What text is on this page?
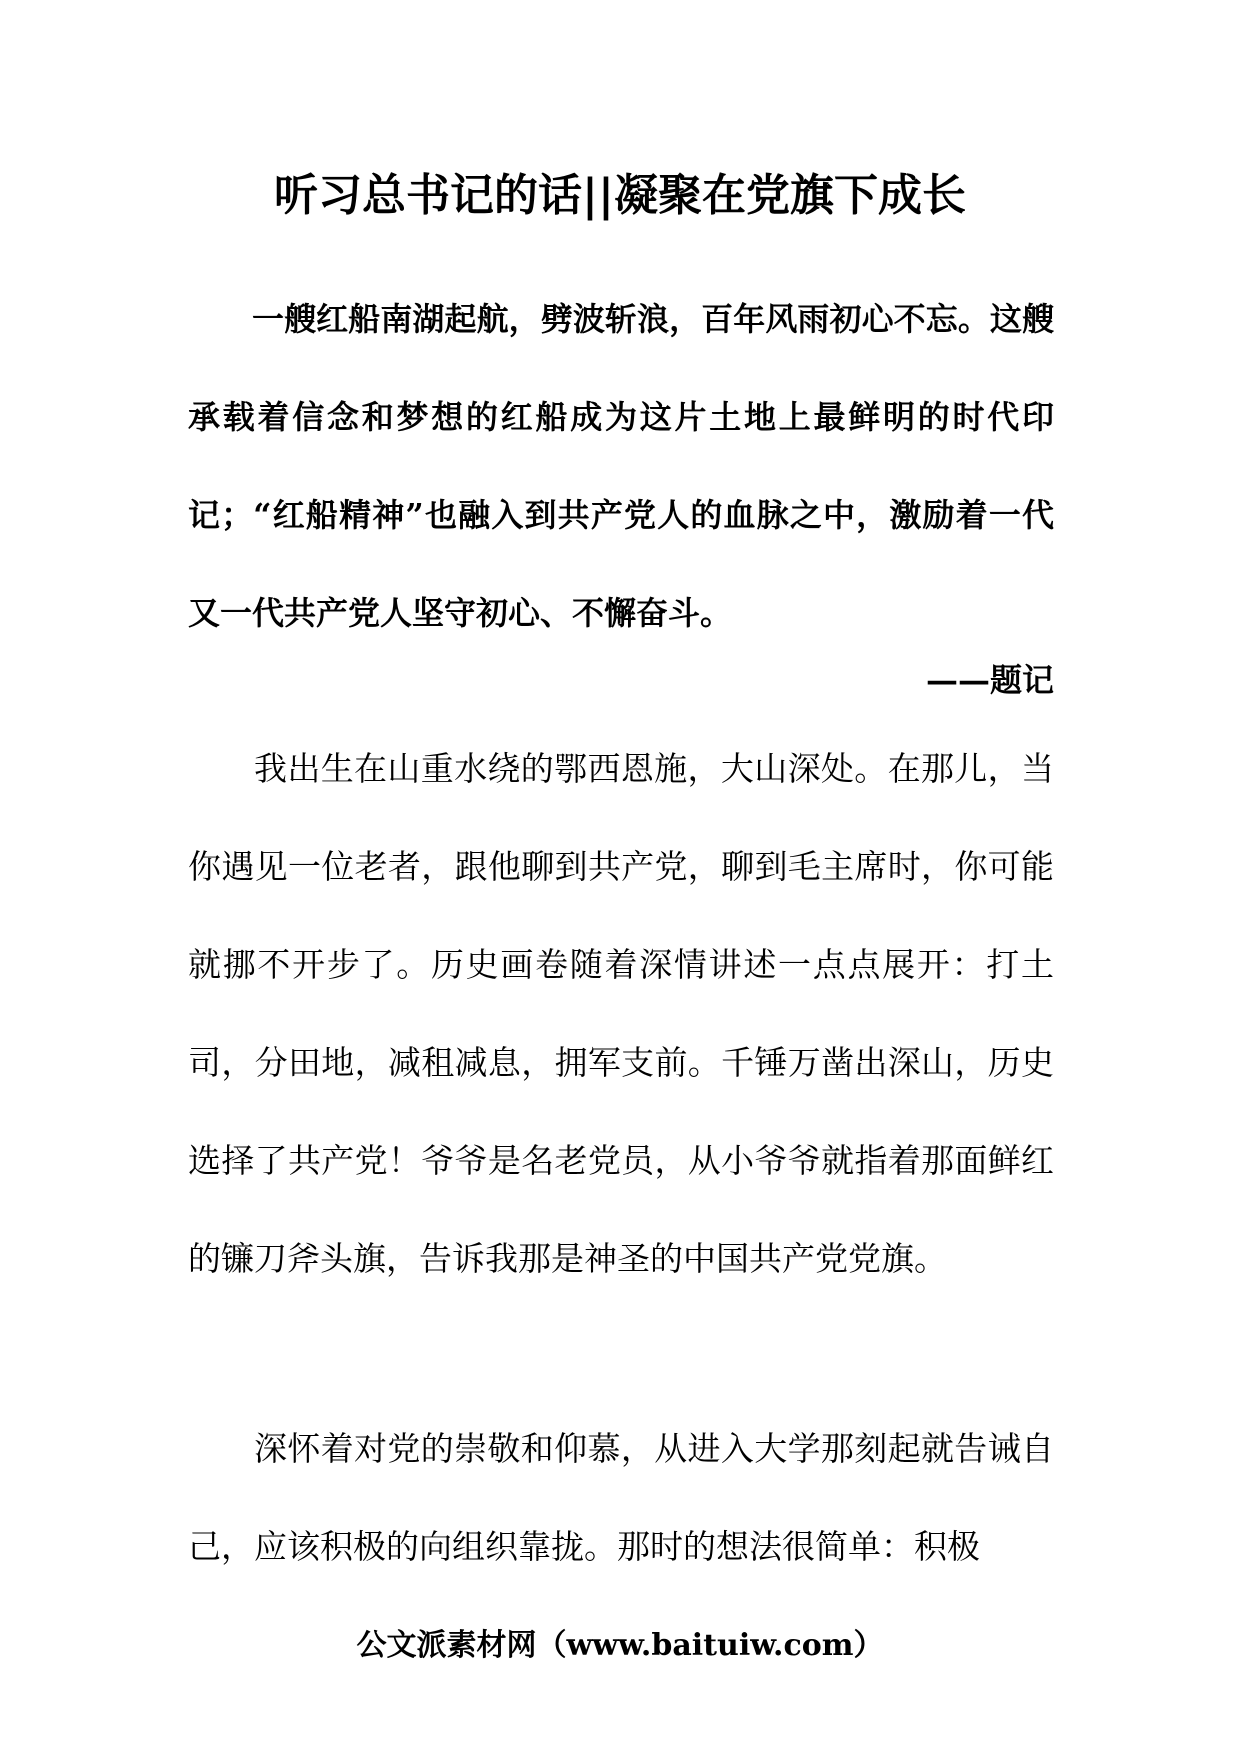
听习总书记的话||凝聚在党旗下成长

一艘红船南湖起航，劈波斩浪，百年风雨初心不忘。这艘承载着信念和梦想的红船成为这片土地上最鲜明的时代印记；“红船精神”也融入到共产党人的血脉之中，激励着一代又一代共产党人坚守初心、不懈奋斗。

——题记

我出生在山重水绕的鄂西恩施，大山深处。在那儿，当你遇见一位老者，跟他聊到共产党，聊到毛主席时，你可能就挪不开步了。历史画卷随着深情讲述一点点展开：打土司，分田地，减租减息，拥军支前。千锤万凿出深山，历史选择了共产党！爷爷是名老党员，从小爷爷就指着那面鲜红的镰刀斧头旗，告诉我那是神圣的中国共产党党旗。

深怀着对党的崇敬和仰慕，从进入大学那刻起就告诫自己，应该积极的向组织靠拢。那时的想法很简单：积极

公文派素材网（www.baituiw.com）
